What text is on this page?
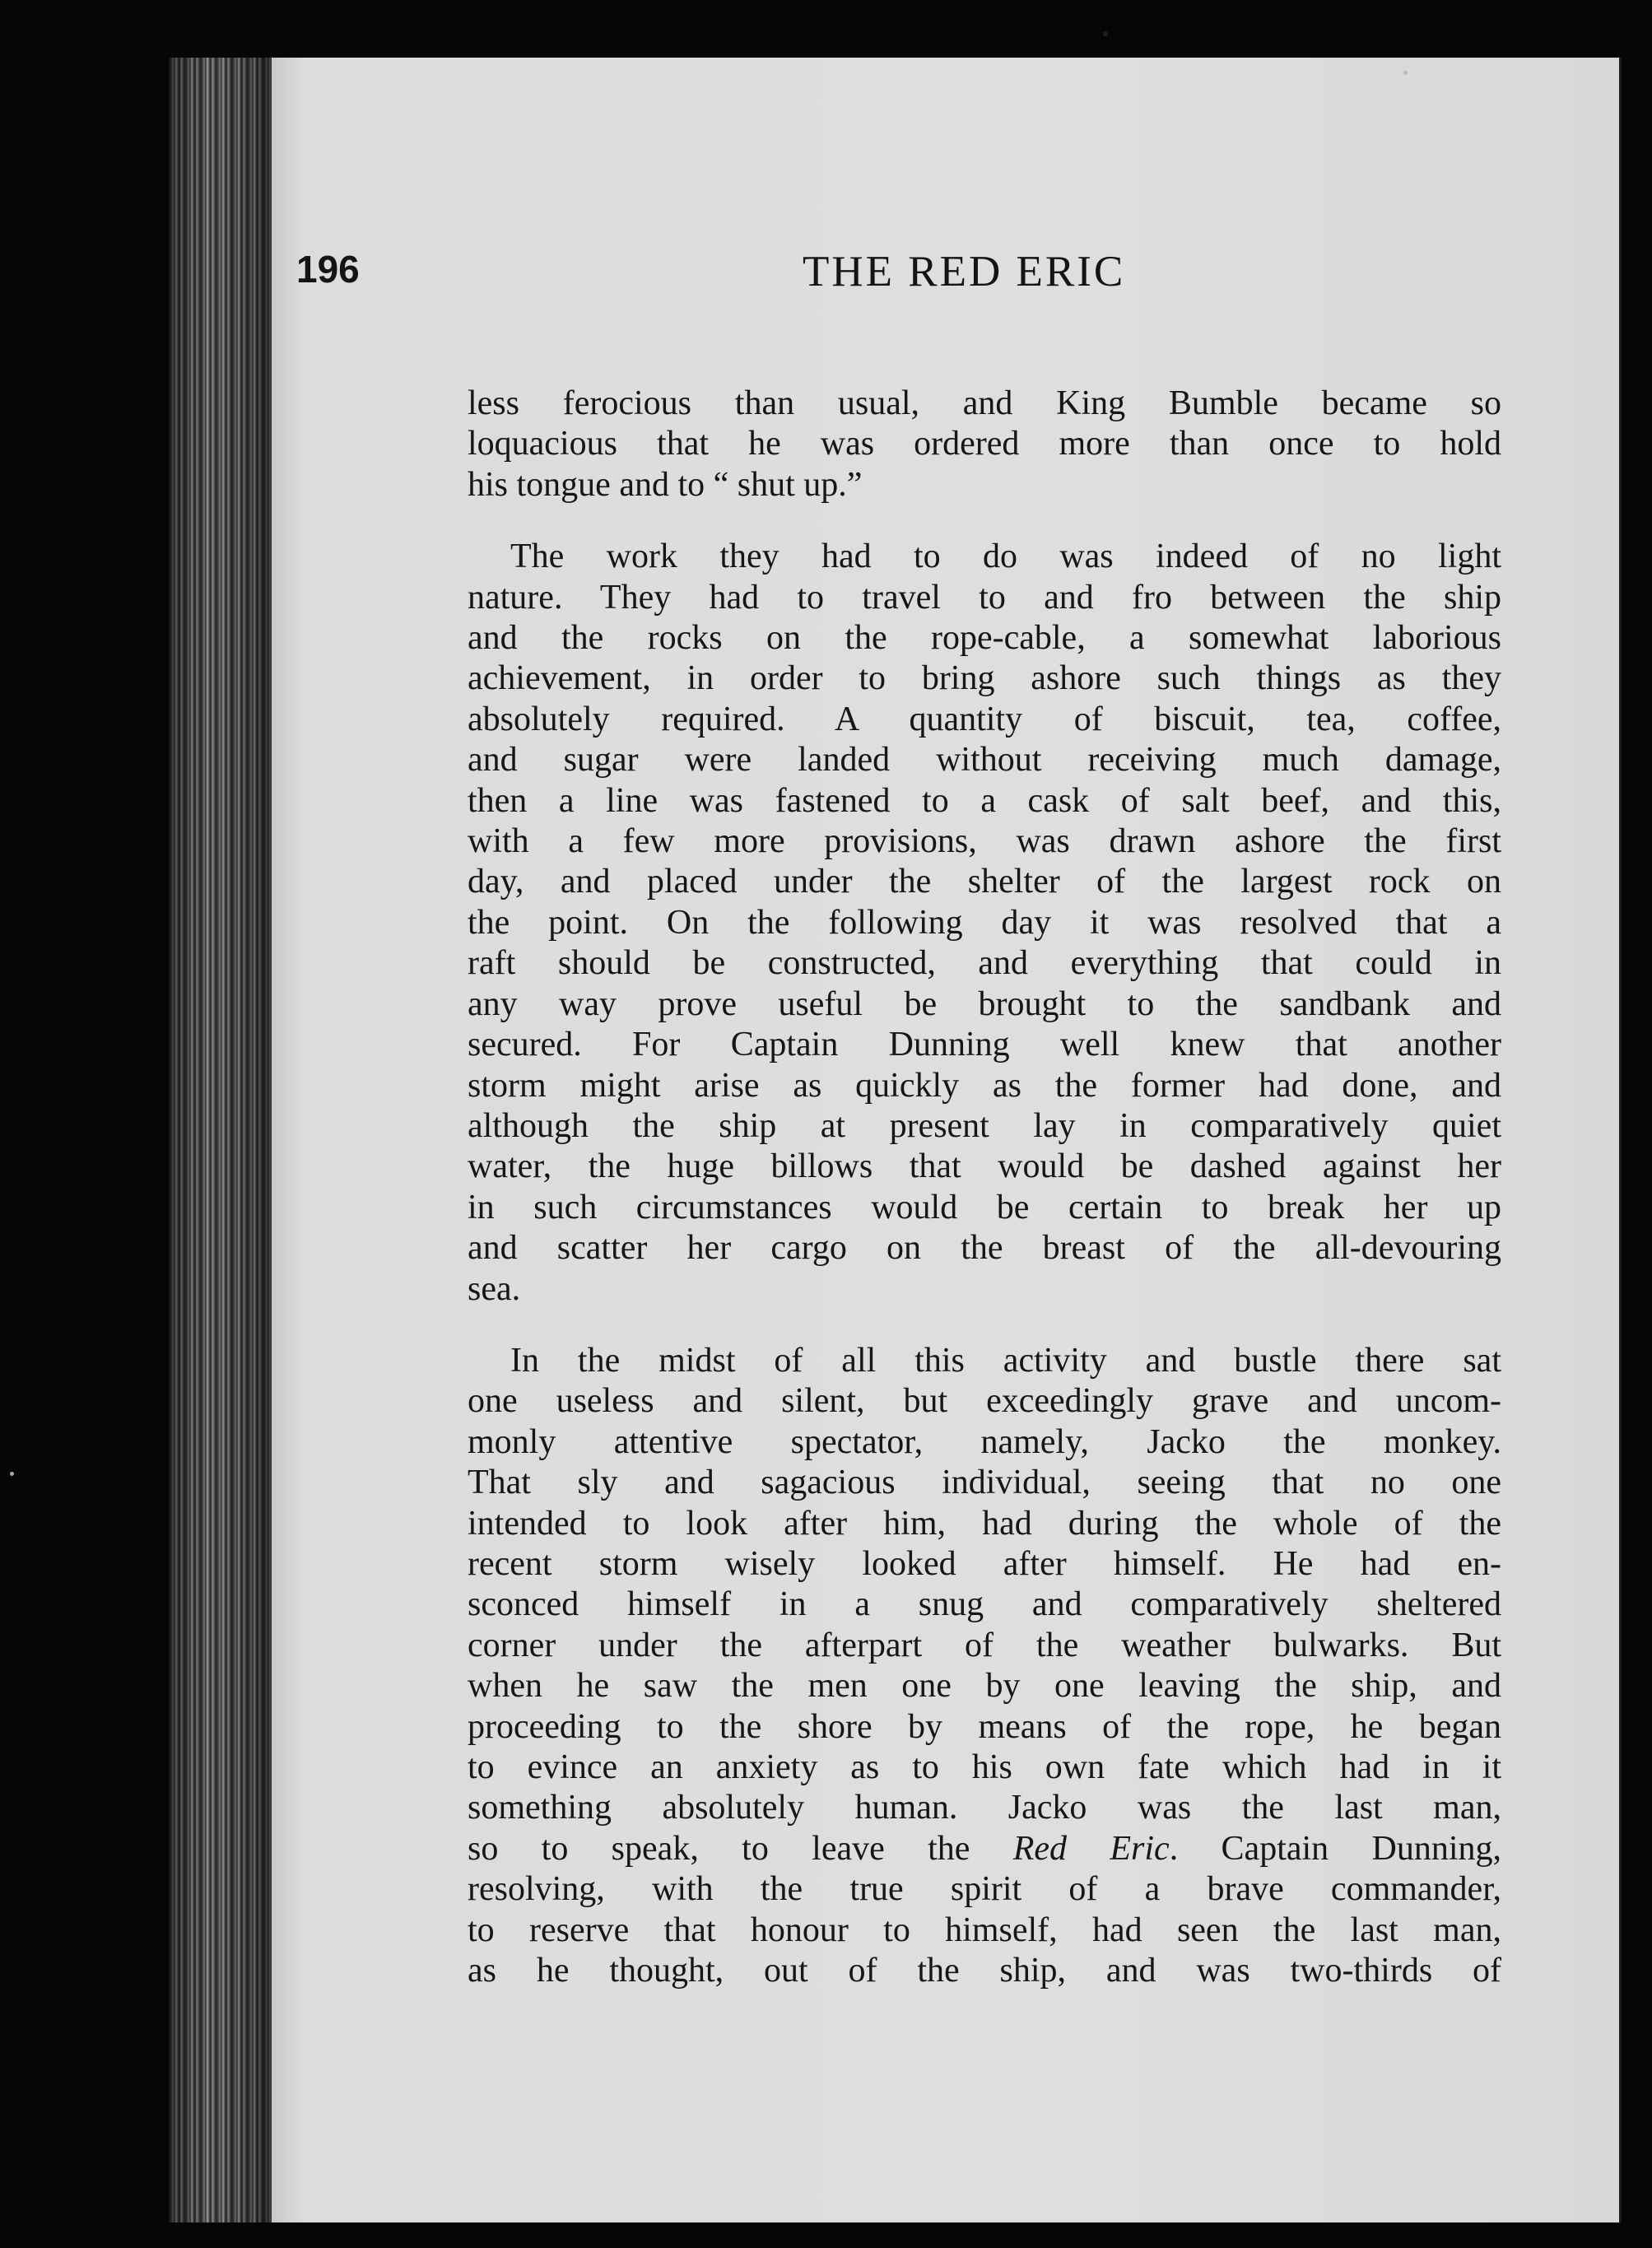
196	THE RED ERIC
less ferocious than usual, and King Bumble became so
loquacious that he was ordered more than once to hold
his tongue and to “ shut up.”
The work they had to do was indeed of no light
nature. They had to travel to and fro between the ship
and the rocks on the rope-cable, a somewhat laborious
achievement, in order to bring ashore such things as they
absolutely required. A quantity of biscuit, tea, coffee,
and sugar were landed without receiving much damage,
then a line was fastened to a cask of salt beef, and this,
with a few more provisions, was drawn ashore the first
day, and placed under the shelter of the largest rock on
the point. On the following day it was resolved that a
raft should be constructed, and everything that could in
any way prove useful be brought to the sandbank and
secured. For Captain Dunning well knew that another
storm might arise as quickly as the former had done, and
although the ship at present lay in comparatively quiet
water, the huge billows that would be dashed against her
in such circumstances would be certain to break her up
and scatter her cargo on the breast of the all-devouring
sea.
In the midst of all this activity and bustle there sat
one useless and silent, but exceedingly grave and uncom-
monly attentive spectator, namely, Jacko the monkey.
That sly and sagacious individual, seeing that no one
intended to look after him, had during the whole of the
recent storm wisely looked after himself. He had en-
sconced himself in a snug and comparatively sheltered
corner under the afterpart of the weather bulwarks. But
when he saw the men one by one leaving the ship, and
proceeding to the shore by means of the rope, he began
to evince an anxiety as to his own fate which had in it
something absolutely human. Jacko was the last man,
so to speak, to leave the Red Eric. Captain Dunning,
resolving, with the true spirit of a brave commander,
to reserve that honour to himself, had seen the last man,
as he thought, out of the ship, and was two-thirds of
